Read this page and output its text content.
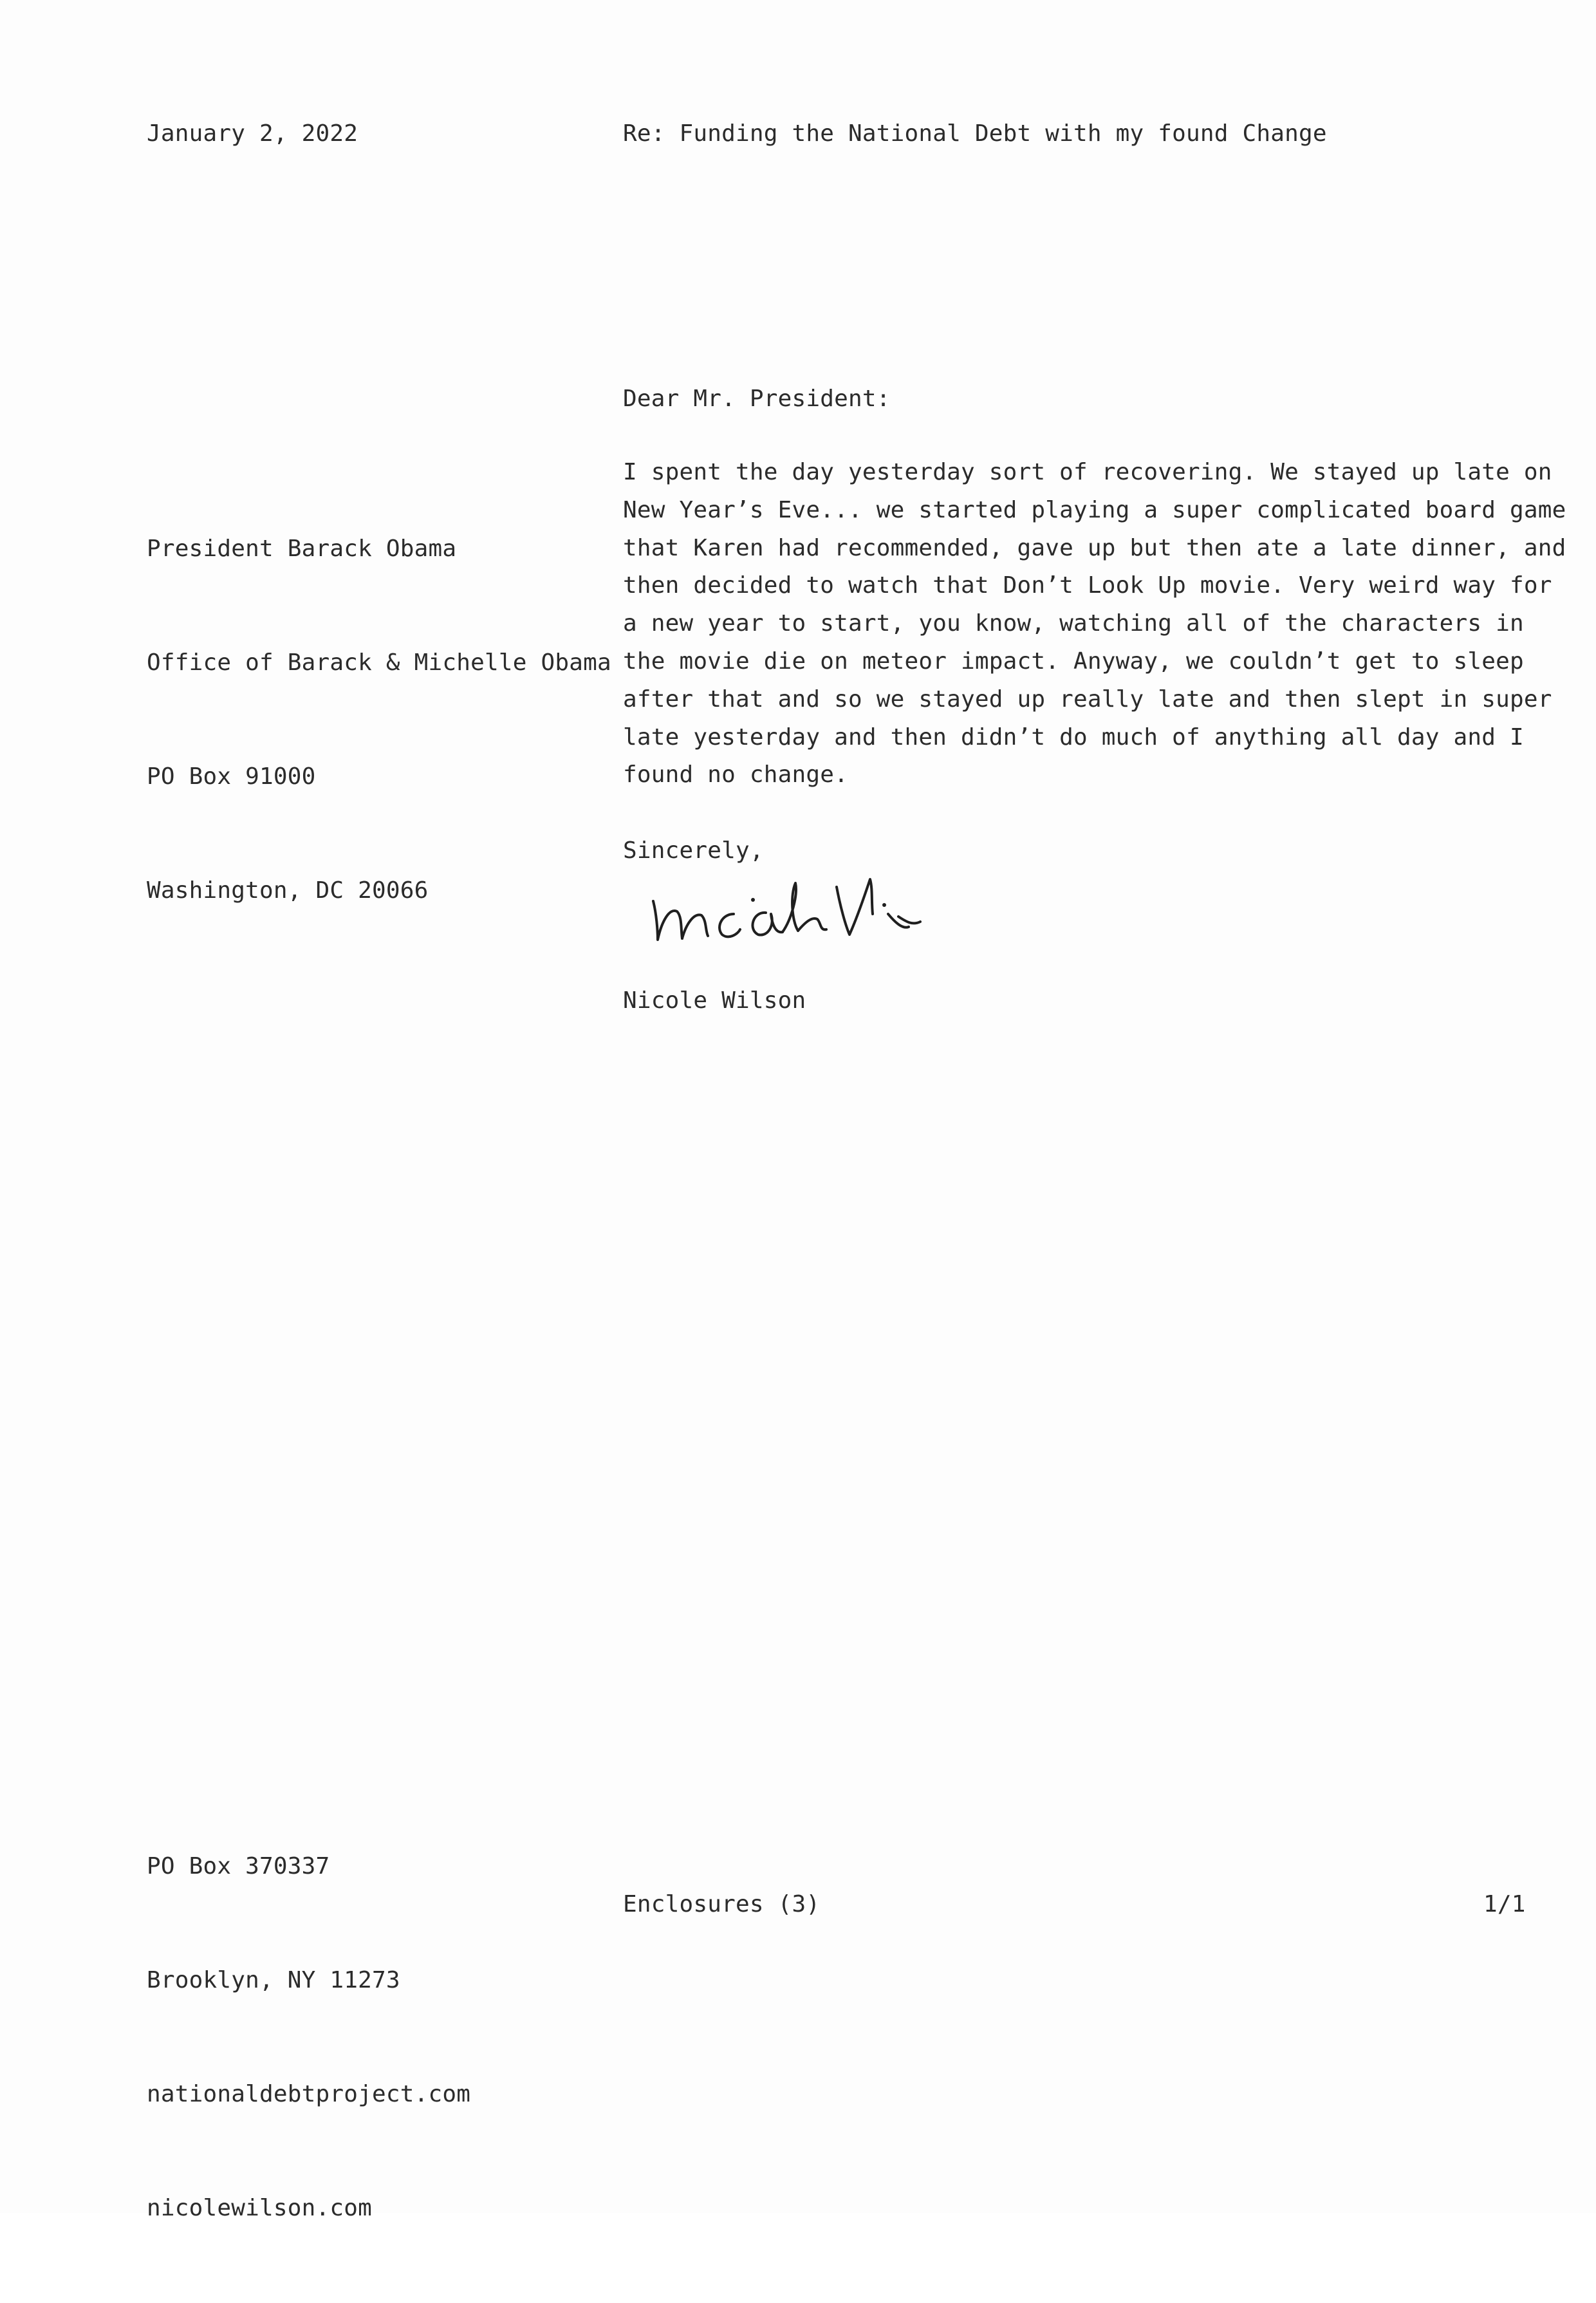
January 2, 2022	Re: Funding the National Debt with my found Change
Dear Mr. President:

President Barack Obama

Office of Barack & Michelle Obama

PO Box 91000

Washington, DC 20066

I spent the day yesterday sort of recovering. We stayed up late on
New Year’s Eve... we started playing a super complicated board game
that Karen had recommended, gave up but then ate a late dinner, and
then decided to watch that Don’t Look Up movie. Very weird way for
a new year to start, you know, watching all of the characters in
the movie die on meteor impact. Anyway, we couldn’t get to sleep
after that and so we stayed up really late and then slept in super
late yesterday and then didn’t do much of anything all day and I
found no change.
Sincerely,
Nicole Wilson

PO Box 370337

Brooklyn, NY 11273

nationaldebtproject.com

nicolewilson.com

Enclosures (3)	1/1
